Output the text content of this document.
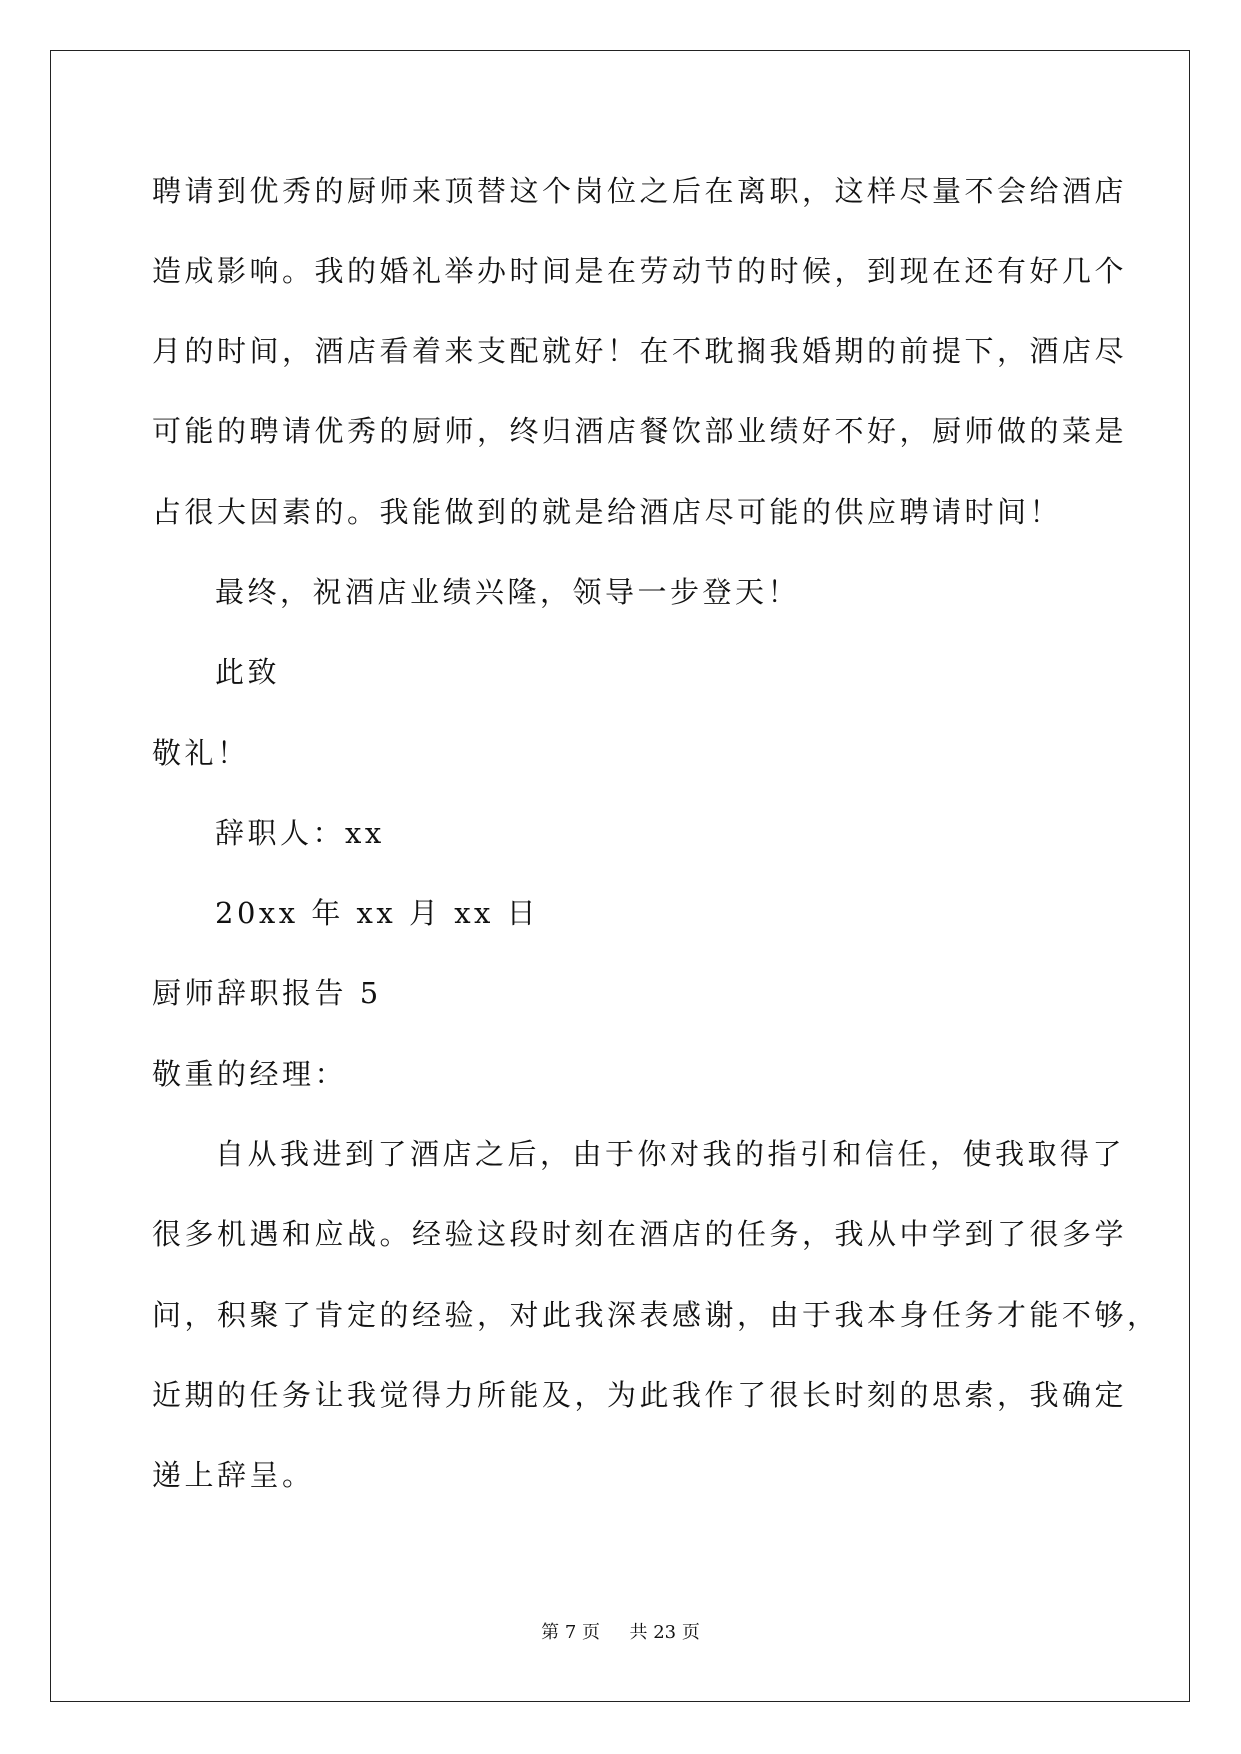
聘请到优秀的厨师来顶替这个岗位之后在离职，这样尽量不会给酒店
造成影响。我的婚礼举办时间是在劳动节的时候，到现在还有好几个
月的时间，酒店看着来支配就好！在不耽搁我婚期的前提下，酒店尽
可能的聘请优秀的厨师，终归酒店餐饮部业绩好不好，厨师做的菜是
占很大因素的。我能做到的就是给酒店尽可能的供应聘请时间！
最终，祝酒店业绩兴隆，领导一步登天！
此致
敬礼！
辞职人：xx
20xx 年 xx 月 xx 日
厨师辞职报告 5
敬重的经理：
自从我进到了酒店之后，由于你对我的指引和信任，使我取得了
很多机遇和应战。经验这段时刻在酒店的任务，我从中学到了很多学
问，积聚了肯定的经验，对此我深表感谢，由于我本身任务才能不够，
近期的任务让我觉得力所能及，为此我作了很长时刻的思索，我确定
递上辞呈。
第 7 页 共 23 页
